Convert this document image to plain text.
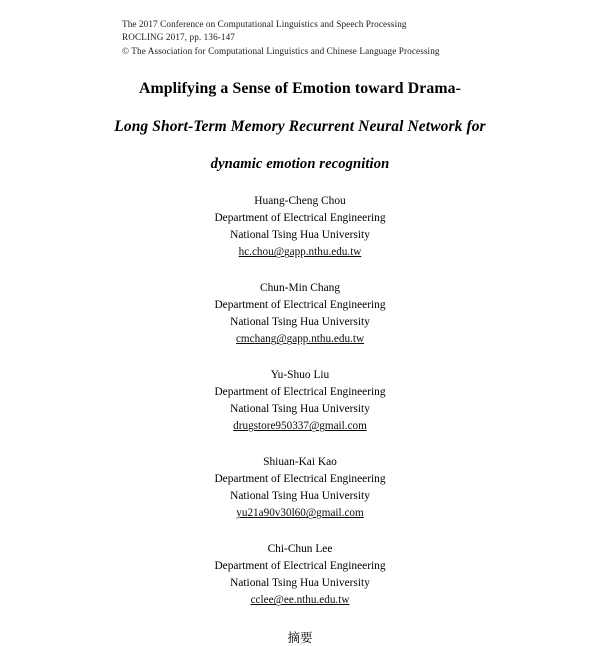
The 2017 Conference on Computational Linguistics and Speech Processing
ROCLING 2017, pp. 136-147
© The Association for Computational Linguistics and Chinese Language Processing
Amplifying a Sense of Emotion toward Drama-
Long Short-Term Memory Recurrent Neural Network for
dynamic emotion recognition
Huang-Cheng Chou
Department of Electrical Engineering
National Tsing Hua University
hc.chou@gapp.nthu.edu.tw
Chun-Min Chang
Department of Electrical Engineering
National Tsing Hua University
cmchang@gapp.nthu.edu.tw
Yu-Shuo Liu
Department of Electrical Engineering
National Tsing Hua University
drugstore950337@gmail.com
Shiuan-Kai Kao
Department of Electrical Engineering
National Tsing Hua University
yu21a90v30l60@gmail.com
Chi-Chun Lee
Department of Electrical Engineering
National Tsing Hua University
cclee@ee.nthu.edu.tw
摘要
